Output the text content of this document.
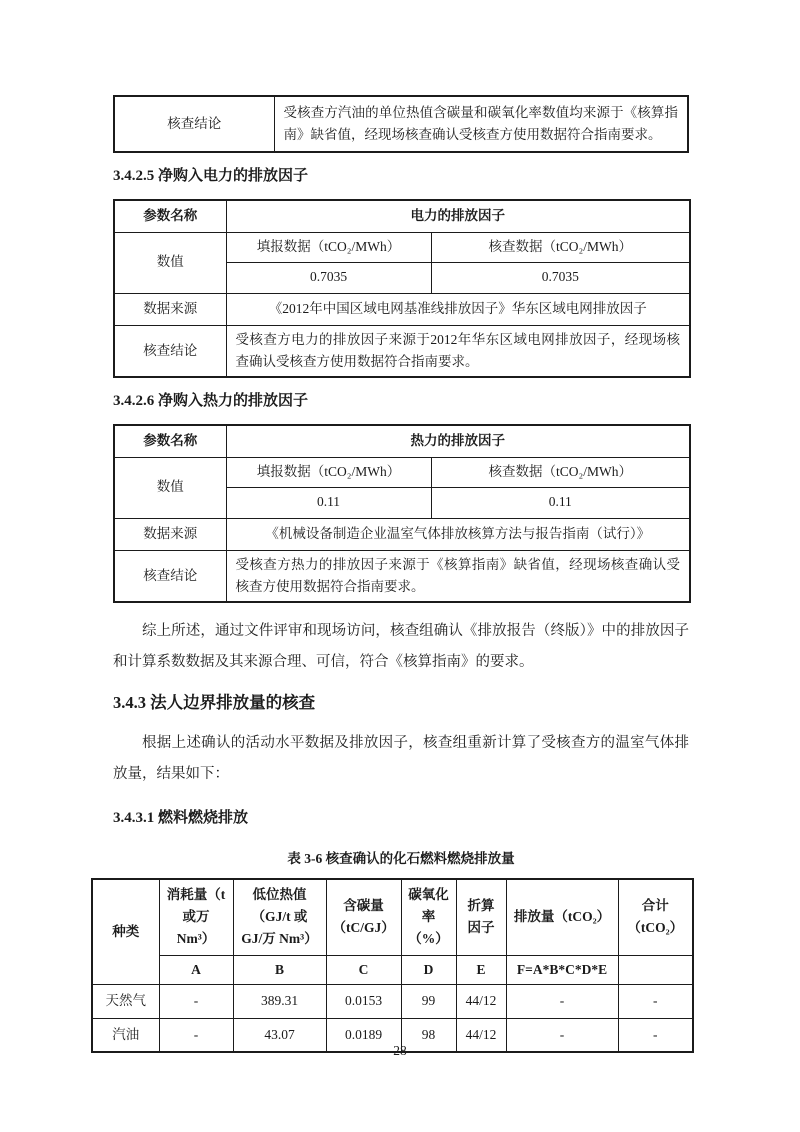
核查结论	受核查方汽油的单位热值含碳量和碳氧化率数值均来源于《核算指南》缺省值，经现场核查确认受核查方使用数据符合指南要求。
3.4.2.5 净购入电力的排放因子
参数名称	电力的排放因子	
数值	填报数据（tCO₂/MWh）	核查数据（tCO₂/MWh）
	0.7035	0.7035
数据来源	《2012年中国区域电网基准线排放因子》华东区域电网排放因子	
核查结论	受核查方电力的排放因子来源于2012年华东区域电网排放因子，经现场核查确认受核查方使用数据符合指南要求。	
3.4.2.6 净购入热力的排放因子
参数名称	热力的排放因子	
数值	填报数据（tCO₂/MWh）	核查数据（tCO₂/MWh）
	0.11	0.11
数据来源	《机械设备制造企业温室气体排放核算方法与报告指南（试行）》	
核查结论	受核查方热力的排放因子来源于《核算指南》缺省值，经现场核查确认受核查方使用数据符合指南要求。	

综上所述，通过文件评审和现场访问，核查组确认《排放报告（终版）》中的排放因子和计算系数数据及其来源合理、可信，符合《核算指南》的要求。

3.4.3 法人边界排放量的核查

根据上述确认的活动水平数据及排放因子，核查组重新计算了受核查方的温室气体排放量，结果如下：

3.4.3.1 燃料燃烧排放
表 3-6 核查确认的化石燃料燃烧排放量
种类	消耗量（t 或万 Nm³）	低位热值（GJ/t 或 GJ/万 Nm³）	含碳量（tC/GJ）	碳氧化率（%）	折算因子	排放量（tCO₂）	合计（tCO₂）
	A	B	C	D	E	F=A*B*C*D*E	
天然气	-	389.31	0.0153	99	44/12	-	-
汽油	-	43.07	0.0189	98	44/12	-	-
28
